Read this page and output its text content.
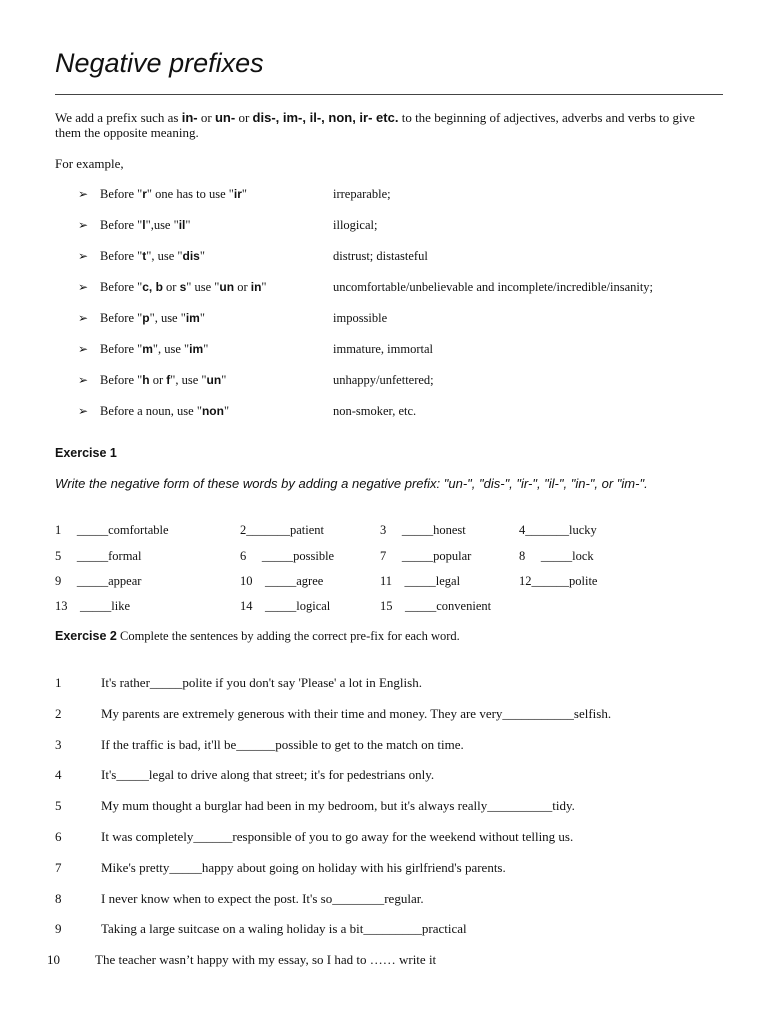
Negative prefixes
We add a prefix such as in- or un- or dis-, im-, il-, non, ir- etc. to the beginning of adjectives, adverbs and verbs to give them the opposite meaning.
For example,
➢ Before "r" one has to use "ir"	irreparable;
➢ Before "l",use "il"	illogical;
➢ Before "t", use "dis"	distrust; distasteful
➢ Before "c, b or s" use "un or in"	uncomfortable/unbelievable and incomplete/incredible/insanity;
➢ Before "p", use "im"	impossible
➢ Before "m", use "im"	immature, immortal
➢ Before "h or f", use "un"	unhappy/unfettered;
➢ Before a noun, use "non"	non-smoker, etc.
Exercise 1
Write the negative form of these words by adding a negative prefix: "un-", "dis-", "ir-", "il-", "in-", or "im-".
1     _____comfortable	2_______patient	3     _____honest	4_______lucky
5     _____formal	6     _____possible	7     _____popular	8     _____lock
9     _____appear	10    _____agree	11    _____legal	12______polite
13    _____like	14    _____logical	15    _____convenient
Exercise 2 Complete the sentences by adding the correct pre-fix for each word.
1	It's rather_____polite if you don't say 'Please' a lot in English.
2	My parents are extremely generous with their time and money. They are very___________selfish.
3	If the traffic is bad, it'll be______possible to get to the match on time.
4	It's_____legal to drive along that street; it's for pedestrians only.
5	My mum thought a burglar had been in my bedroom, but it's always really__________tidy.
6	It was completely______responsible of you to go away for the weekend without telling us.
7	Mike's pretty_____happy about going on holiday with his girlfriend's parents.
8	I never know when to expect the post. It's so________regular.
9	Taking a large suitcase on a waling holiday is a bit_________practical
10	The teacher wasn’t happy with my essay, so I had to …… write it
